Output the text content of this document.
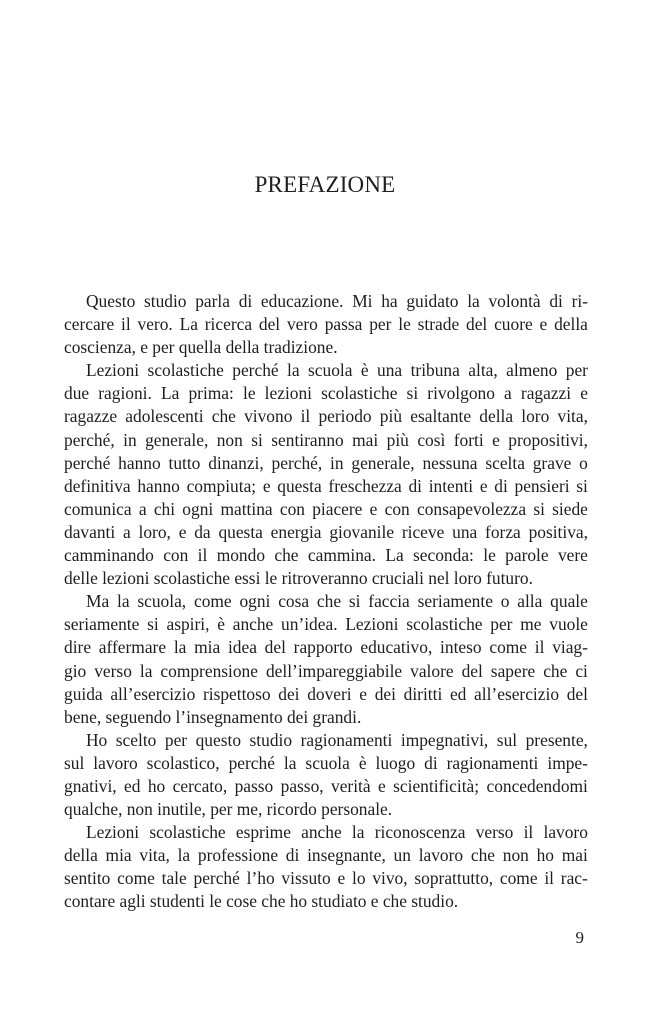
PREFAZIONE
Questo studio parla di educazione. Mi ha guidato la volontà di ri-
cercare il vero. La ricerca del vero passa per le strade del cuore e della
coscienza, e per quella della tradizione.
Lezioni scolastiche perché la scuola è una tribuna alta, almeno per
due ragioni. La prima: le lezioni scolastiche si rivolgono a ragazzi e
ragazze adolescenti che vivono il periodo più esaltante della loro vita,
perché, in generale, non si sentiranno mai più così forti e propositivi,
perché hanno tutto dinanzi, perché, in generale, nessuna scelta grave o
definitiva hanno compiuta; e questa freschezza di intenti e di pensieri si
comunica a chi ogni mattina con piacere e con consapevolezza si siede
davanti a loro, e da questa energia giovanile riceve una forza positiva,
camminando con il mondo che cammina. La seconda: le parole vere
delle lezioni scolastiche essi le ritroveranno cruciali nel loro futuro.
Ma la scuola, come ogni cosa che si faccia seriamente o alla quale
seriamente si aspiri, è anche un’idea. Lezioni scolastiche per me vuole
dire affermare la mia idea del rapporto educativo, inteso come il viag-
gio verso la comprensione dell’impareggiabile valore del sapere che ci
guida all’esercizio rispettoso dei doveri e dei diritti ed all’esercizio del
bene, seguendo l’insegnamento dei grandi.
Ho scelto per questo studio ragionamenti impegnativi, sul presente,
sul lavoro scolastico, perché la scuola è luogo di ragionamenti impe-
gnativi, ed ho cercato, passo passo, verità e scientificità; concedendomi
qualche, non inutile, per me, ricordo personale.
Lezioni scolastiche esprime anche la riconoscenza verso il lavoro
della mia vita, la professione di insegnante, un lavoro che non ho mai
sentito come tale perché l’ho vissuto e lo vivo, soprattutto, come il rac-
contare agli studenti le cose che ho studiato e che studio.
9
